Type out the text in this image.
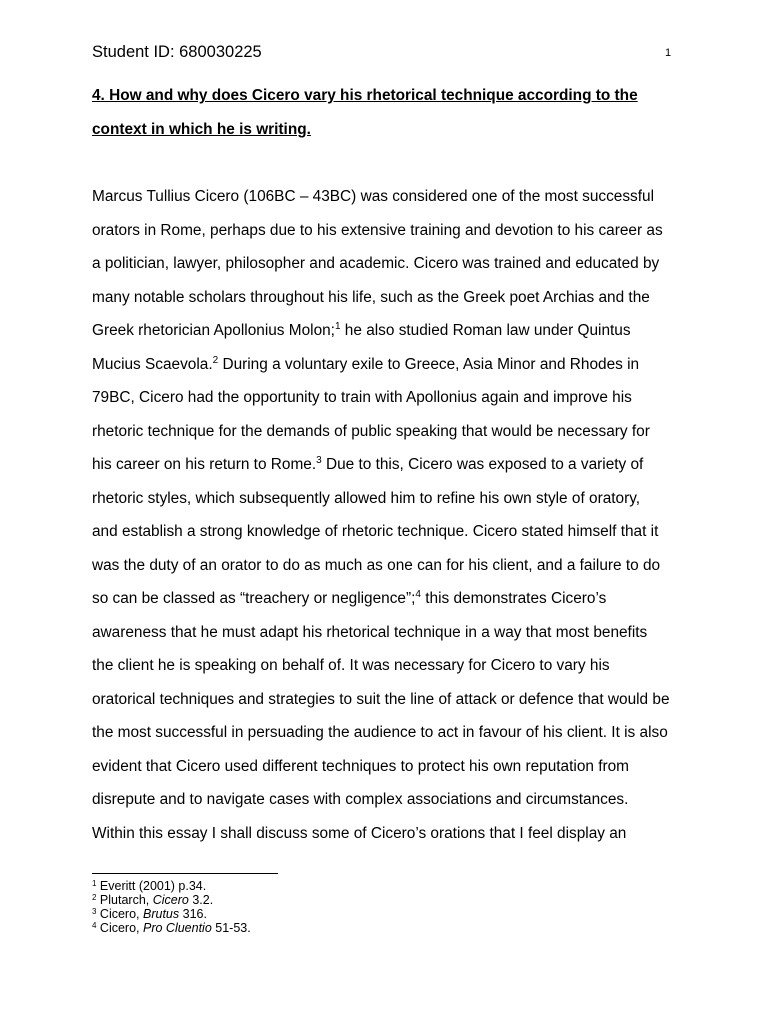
Student ID: 680030225	1
4. How and why does Cicero vary his rhetorical technique according to the
context in which he is writing.
Marcus Tullius Cicero (106BC – 43BC) was considered one of the most successful
orators in Rome, perhaps due to his extensive training and devotion to his career as
a politician, lawyer, philosopher and academic. Cicero was trained and educated by
many notable scholars throughout his life, such as the Greek poet Archias and the
Greek rhetorician Apollonius Molon;$^1$ he also studied Roman law under Quintus
Mucius Scaevola.$^2$ During a voluntary exile to Greece, Asia Minor and Rhodes in
79BC, Cicero had the opportunity to train with Apollonius again and improve his
rhetoric technique for the demands of public speaking that would be necessary for
his career on his return to Rome.$^3$ Due to this, Cicero was exposed to a variety of
rhetoric styles, which subsequently allowed him to refine his own style of oratory,
and establish a strong knowledge of rhetoric technique. Cicero stated himself that it
was the duty of an orator to do as much as one can for his client, and a failure to do
so can be classed as “treachery or negligence”;$^4$ this demonstrates Cicero’s
awareness that he must adapt his rhetorical technique in a way that most benefits
the client he is speaking on behalf of. It was necessary for Cicero to vary his
oratorical techniques and strategies to suit the line of attack or defence that would be
the most successful in persuading the audience to act in favour of his client. It is also
evident that Cicero used different techniques to protect his own reputation from
disrepute and to navigate cases with complex associations and circumstances.
Within this essay I shall discuss some of Cicero’s orations that I feel display an
$^1$ Everitt (2001) p.34.
$^2$ Plutarch, Cicero 3.2.
$^3$ Cicero, Brutus 316.
$^4$ Cicero, Pro Cluentio 51-53.
